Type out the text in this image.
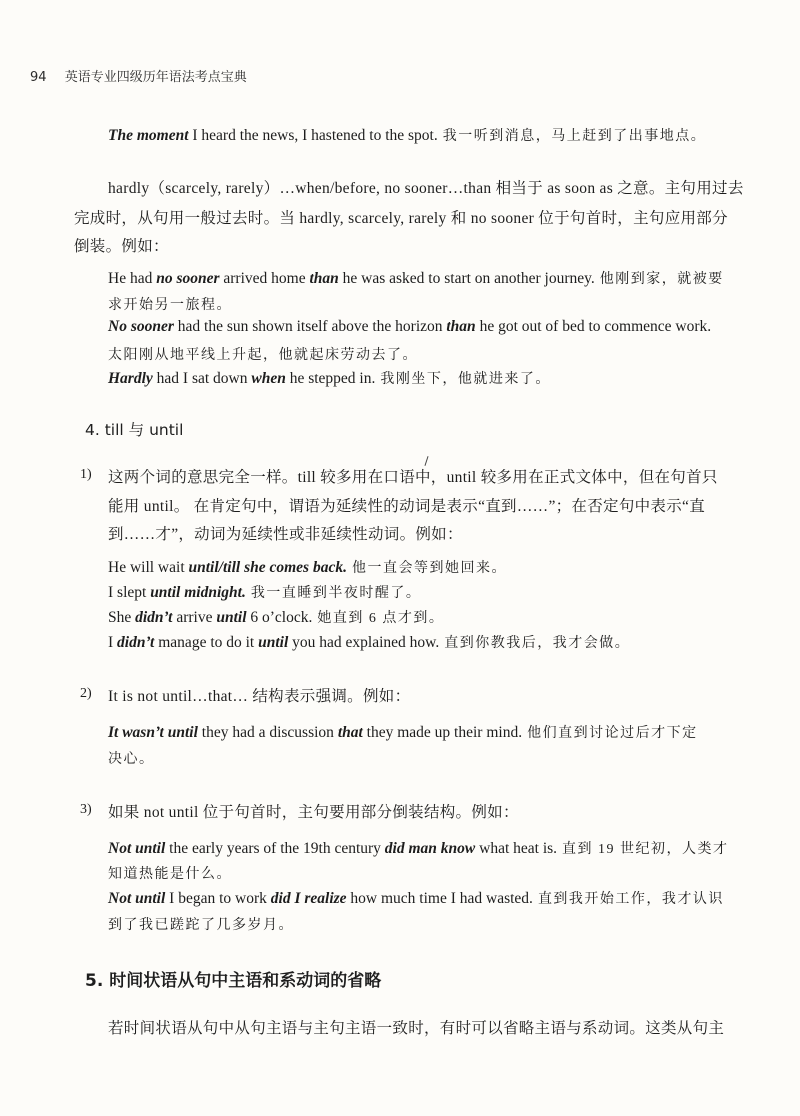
94 英语专业四级历年语法考点宝典
The moment I heard the news, I hastened to the spot. 我一听到消息，马上赶到了出事地点。
hardly（scarcely, rarely）…when/before, no sooner…than 相当于 as soon as 之意。主句用过去
完成时，从句用一般过去时。当 hardly, scarcely, rarely 和 no sooner 位于句首时，主句应用部分
倒装。例如：
He had no sooner arrived home than he was asked to start on another journey. 他刚到家，就被要
求开始另一旅程。
No sooner had the sun shown itself above the horizon than he got out of bed to commence work.
太阳刚从地平线上升起，他就起床劳动去了。
Hardly had I sat down when he stepped in. 我刚坐下，他就进来了。
4. till 与 until
1) 这两个词的意思完全一样。till 较多用在口语中，until 较多用在正式文体中，但在句首只
能用 until。 在肯定句中，谓语为延续性的动词是表示“直到……”；在否定句中表示“直
到……才”，动词为延续性或非延续性动词。例如：
He will wait until/till she comes back. 他一直会等到她回来。
I slept until midnight. 我一直睡到半夜时醒了。
She didn’t arrive until 6 o’clock. 她直到 6 点才到。
I didn’t manage to do it until you had explained how. 直到你教我后，我才会做。
2) It is not until…that… 结构表示强调。例如：
It wasn’t until they had a discussion that they made up their mind. 他们直到讨论过后才下定
决心。
3) 如果 not until 位于句首时，主句要用部分倒装结构。例如：
Not until the early years of the 19th century did man know what heat is. 直到 19 世纪初，人类才
知道热能是什么。
Not until I began to work did I realize how much time I had wasted. 直到我开始工作，我才认识
到了我已蹉跎了几多岁月。
5. 时间状语从句中主语和系动词的省略
若时间状语从句中从句主语与主句主语一致时，有时可以省略主语与系动词。这类从句主
